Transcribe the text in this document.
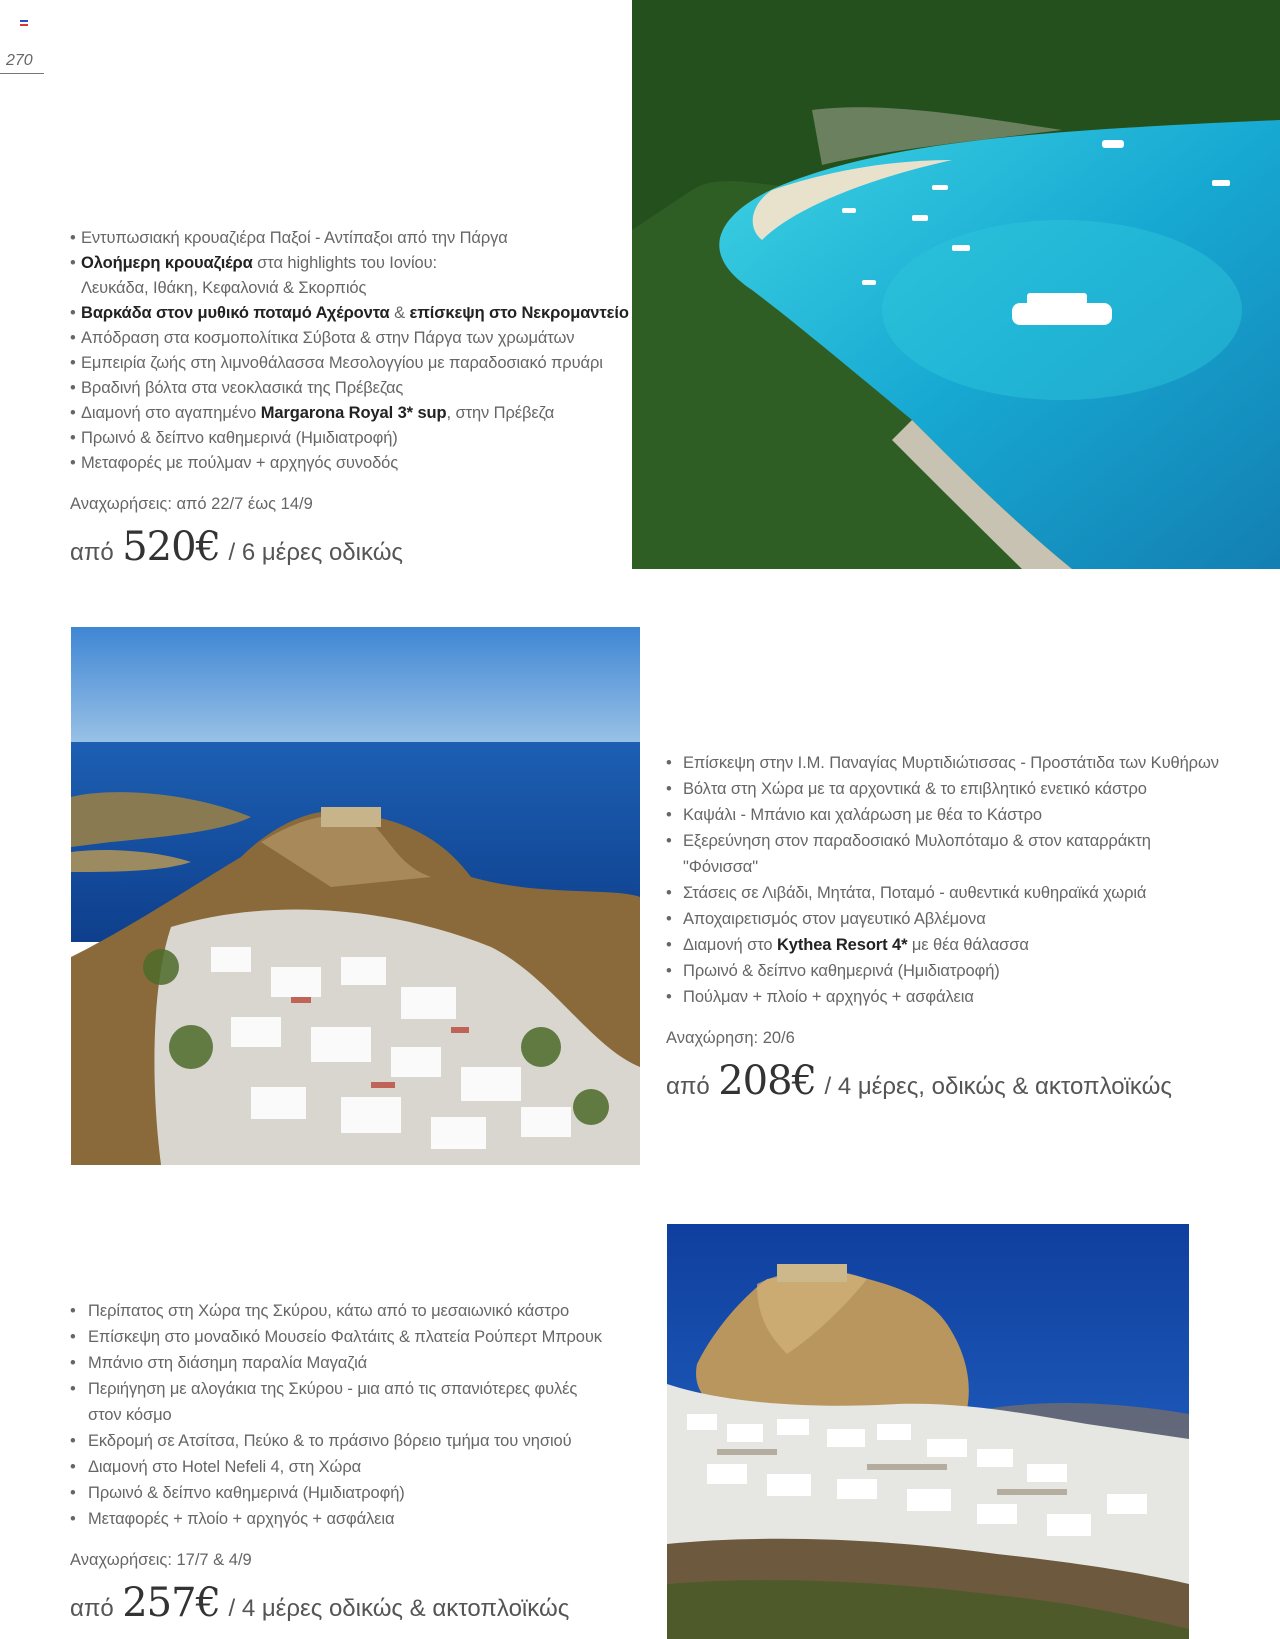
270
• Εντυπωσιακή κρουαζιέρα Παξοί - Αντίπαξοι από την Πάργα
• Ολοήμερη κρουαζιέρα στα highlights του Ιονίου:
Λευκάδα, Ιθάκη, Κεφαλονιά & Σκορπιός
• Βαρκάδα στον μυθικό ποταμό Αχέροντα & επίσκεψη στο Νεκρομαντείο
• Απόδραση στα κοσμοπολίτικα Σύβοτα & στην Πάργα των χρωμάτων
• Εμπειρία ζωής στη λιμνοθάλασσα Μεσολογγίου με παραδοσιακό πρυάρι
• Βραδινή βόλτα στα νεοκλασικά της Πρέβεζας
• Διαμονή στο αγαπημένο Margarona Royal 3* sup, στην Πρέβεζα
• Πρωινό & δείπνο καθημερινά (Ημιδιατροφή)
• Μεταφορές με πούλμαν + αρχηγός συνοδός
Αναχωρήσεις: από 22/7 έως 14/9
από 520€ / 6 μέρες οδικώς
• Επίσκεψη στην Ι.Μ. Παναγίας Μυρτιδιώτισσας - Προστάτιδα των Κυθήρων
• Βόλτα στη Χώρα με τα αρχοντικά & το επιβλητικό ενετικό κάστρο
• Καψάλι - Μπάνιο και χαλάρωση με θέα το Κάστρο
• Εξερεύνηση στον παραδοσιακό Μυλοπόταμο & στον καταρράκτη
"Φόνισσα"
• Στάσεις σε Λιβάδι, Μητάτα, Ποταμό - αυθεντικά κυθηραϊκά χωριά
• Αποχαιρετισμός στον μαγευτικό Αβλέμονα
• Διαμονή στο Kythea Resort 4* με θέα θάλασσα
• Πρωινό & δείπνο καθημερινά (Ημιδιατροφή)
• Πούλμαν + πλοίο + αρχηγός + ασφάλεια
Αναχώρηση: 20/6
από 208€ / 4 μέρες, οδικώς & ακτοπλοϊκώς
• Περίπατος στη Χώρα της Σκύρου, κάτω από το μεσαιωνικό κάστρο
• Επίσκεψη στο μοναδικό Μουσείο Φαλτάιτς & πλατεία Ρούπερτ Μπρουκ
• Μπάνιο στη διάσημη παραλία Μαγαζιά
• Περιήγηση με αλογάκια της Σκύρου - μια από τις σπανιότερες φυλές
στον κόσμο
• Εκδρομή σε Ατσίτσα, Πεύκο & το πράσινο βόρειο τμήμα του νησιού
• Διαμονή στο Hotel Nefeli 4, στη Χώρα
• Πρωινό & δείπνο καθημερινά (Ημιδιατροφή)
• Μεταφορές + πλοίο + αρχηγός + ασφάλεια
Αναχωρήσεις: 17/7 & 4/9
από 257€ / 4 μέρες οδικώς & ακτοπλοϊκώς
